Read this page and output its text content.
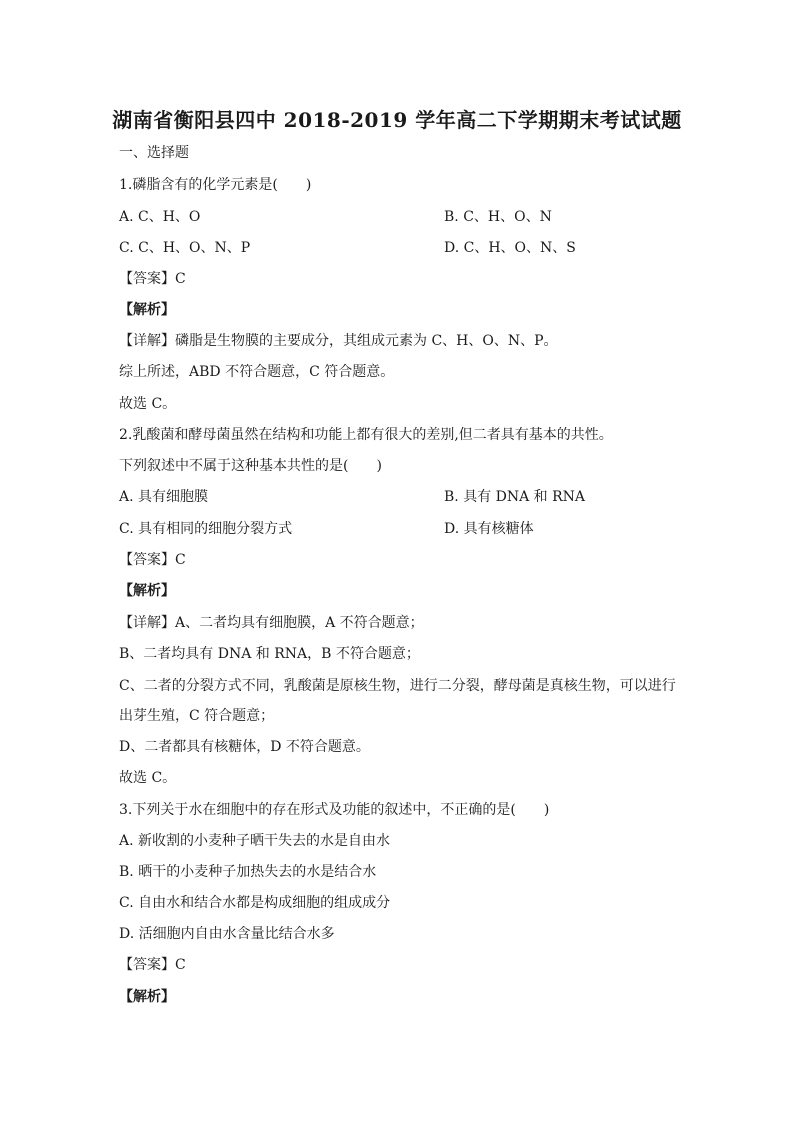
湖南省衡阳县四中 2018-2019 学年高二下学期期末考试试题
一、选择题
1.磷脂含有的化学元素是(　　)
A. C、H、O	B. C、H、O、N
C. C、H、O、N、P	D. C、H、O、N、S
【答案】C
【解析】
【详解】磷脂是生物膜的主要成分，其组成元素为 C、H、O、N、P。
综上所述，ABD 不符合题意，C 符合题意。
故选 C。
2.乳酸菌和酵母菌虽然在结构和功能上都有很大的差别,但二者具有基本的共性。
下列叙述中不属于这种基本共性的是(　　)
A. 具有细胞膜	B. 具有 DNA 和 RNA
C. 具有相同的细胞分裂方式	D. 具有核糖体
【答案】C
【解析】
【详解】A、二者均具有细胞膜，A 不符合题意；
B、二者均具有 DNA 和 RNA，B 不符合题意；
C、二者的分裂方式不同，乳酸菌是原核生物，进行二分裂，酵母菌是真核生物，可以进行
出芽生殖，C 符合题意；
D、二者都具有核糖体，D 不符合题意。
故选 C。
3.下列关于水在细胞中的存在形式及功能的叙述中，不正确的是(　　)
A. 新收割的小麦种子晒干失去的水是自由水
B. 晒干的小麦种子加热失去的水是结合水
C. 自由水和结合水都是构成细胞的组成成分
D. 活细胞内自由水含量比结合水多
【答案】C
【解析】
